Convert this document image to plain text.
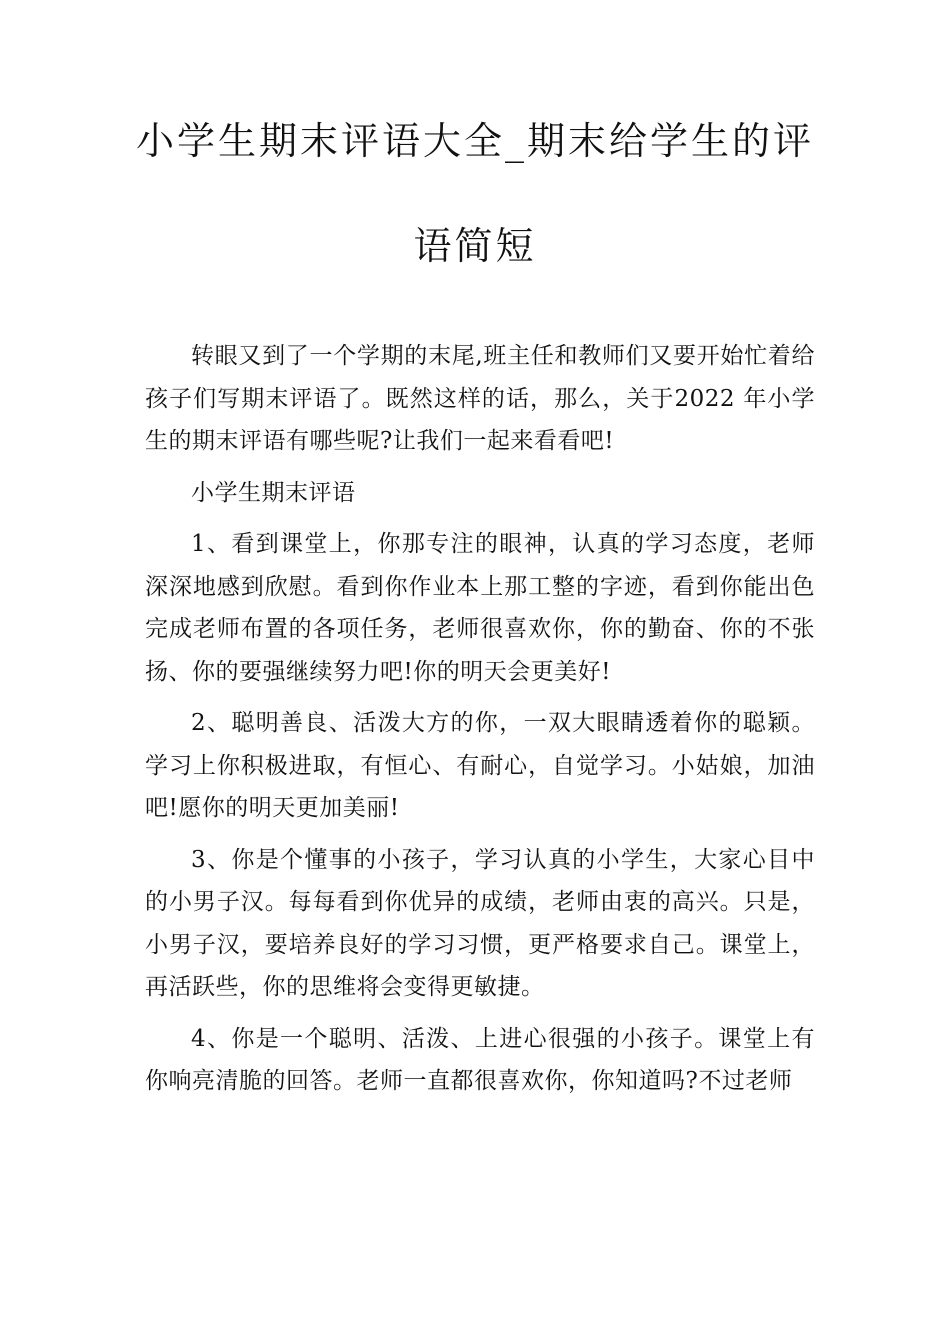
小学生期末评语大全_期末给学生的评
语简短

转眼又到了一个学期的末尾,班主任和教师们又要开始忙着给孩子们写期末评语了。既然这样的话，那么，关于2022 年小学生的期末评语有哪些呢?让我们一起来看看吧!

小学生期末评语

1、看到课堂上，你那专注的眼神，认真的学习态度，老师深深地感到欣慰。看到你作业本上那工整的字迹，看到你能出色完成老师布置的各项任务，老师很喜欢你，你的勤奋、你的不张扬、你的要强继续努力吧!你的明天会更美好!

2、聪明善良、活泼大方的你，一双大眼睛透着你的聪颖。学习上你积极进取，有恒心、有耐心，自觉学习。小姑娘，加油吧!愿你的明天更加美丽!

3、你是个懂事的小孩子，学习认真的小学生，大家心目中的小男子汉。每每看到你优异的成绩，老师由衷的高兴。只是，小男子汉，要培养良好的学习习惯，更严格要求自己。课堂上，再活跃些，你的思维将会变得更敏捷。

4、你是一个聪明、活泼、上进心很强的小孩子。课堂上有你响亮清脆的回答。老师一直都很喜欢你，你知道吗?不过老师
